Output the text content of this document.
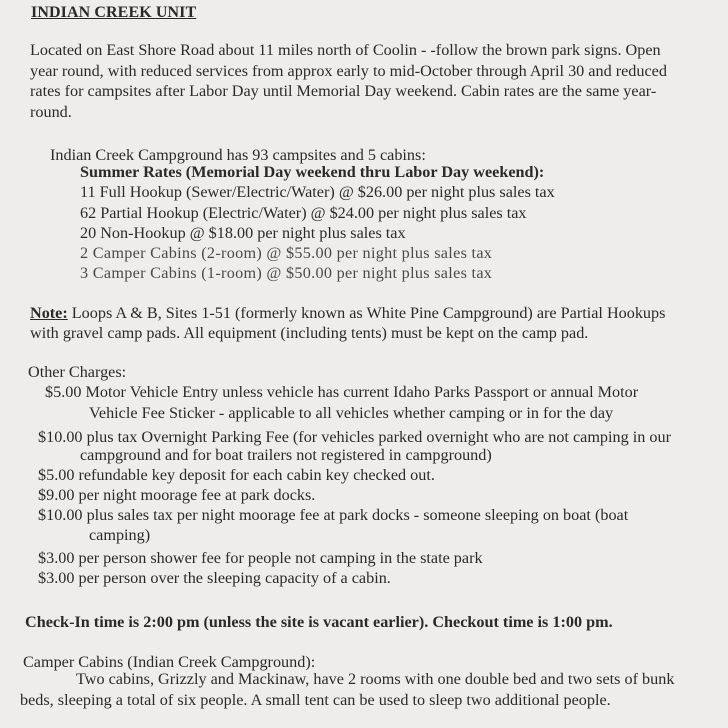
INDIAN CREEK UNIT
Located on East Shore Road about 11 miles north of Coolin - -follow the brown park signs. Open
year round, with reduced services from approx early to mid-October through April 30 and reduced
rates for campsites after Labor Day until Memorial Day weekend. Cabin rates are the same year-
round.
Indian Creek Campground has 93 campsites and 5 cabins:
Summer Rates (Memorial Day weekend thru Labor Day weekend):
11 Full Hookup (Sewer/Electric/Water) @ $26.00 per night plus sales tax
62 Partial Hookup (Electric/Water) @ $24.00 per night plus sales tax
20 Non-Hookup @ $18.00 per night plus sales tax
2 Camper Cabins (2-room) @ $55.00 per night plus sales tax
3 Camper Cabins (1-room) @ $50.00 per night plus sales tax
Note: Loops A & B, Sites 1-51 (formerly known as White Pine Campground) are Partial Hookups
with gravel camp pads. All equipment (including tents) must be kept on the camp pad.
Other Charges:
$5.00 Motor Vehicle Entry unless vehicle has current Idaho Parks Passport or annual Motor
Vehicle Fee Sticker - applicable to all vehicles whether camping or in for the day
$10.00 plus tax Overnight Parking Fee (for vehicles parked overnight who are not camping in our
campground and for boat trailers not registered in campground)
$5.00 refundable key deposit for each cabin key checked out.
$9.00 per night moorage fee at park docks.
$10.00 plus sales tax per night moorage fee at park docks - someone sleeping on boat (boat
camping)
$3.00 per person shower fee for people not camping in the state park
$3.00 per person over the sleeping capacity of a cabin.
Check-In time is 2:00 pm (unless the site is vacant earlier). Checkout time is 1:00 pm.
Camper Cabins (Indian Creek Campground):
Two cabins, Grizzly and Mackinaw, have 2 rooms with one double bed and two sets of bunk
beds, sleeping a total of six people. A small tent can be used to sleep two additional people.
